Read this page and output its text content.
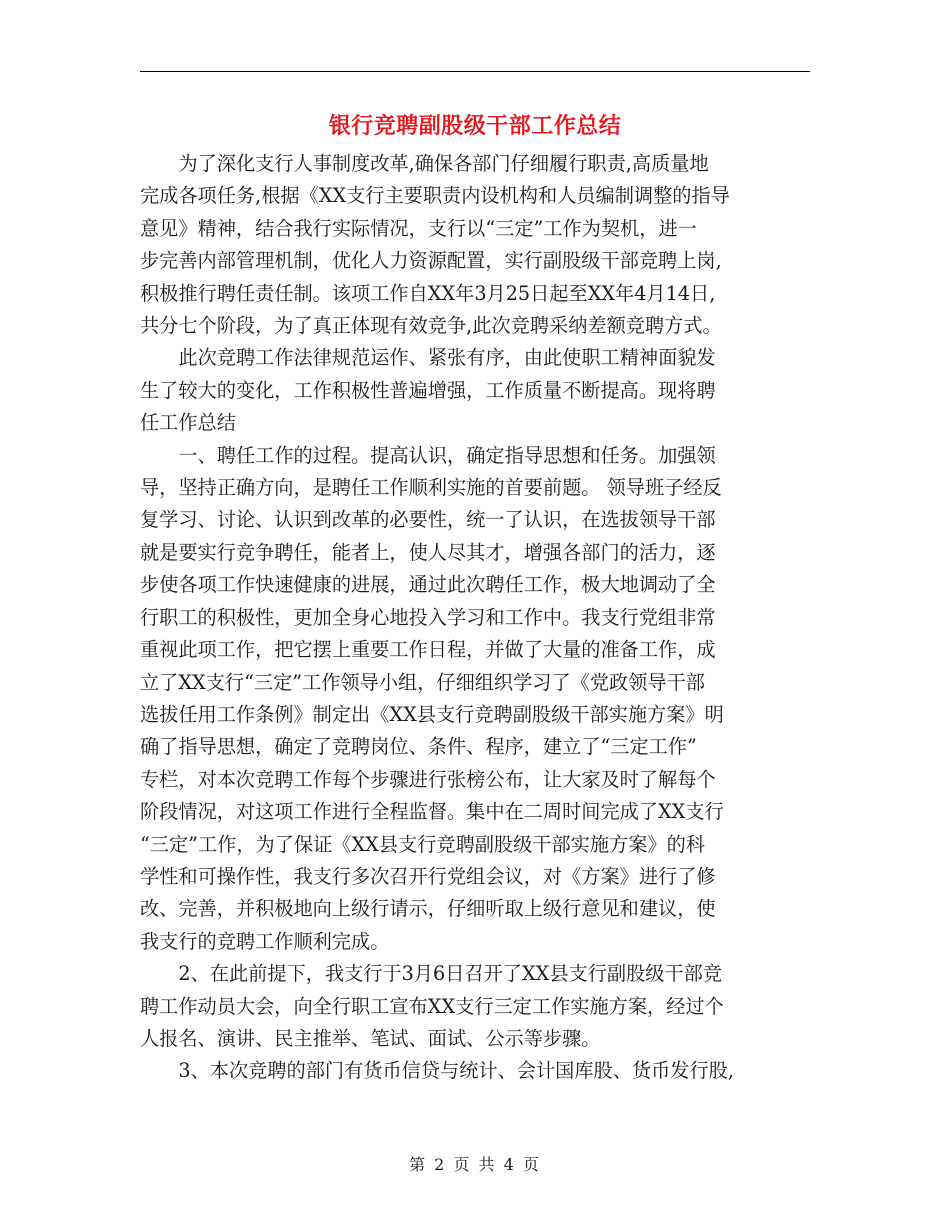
银行竞聘副股级干部工作总结
为了深化支行人事制度改革,确保各部门仔细履行职责,高质量地
完成各项任务,根据《XX支行主要职责内设机构和人员编制调整的指导
意见》精神，结合我行实际情况，支行以“三定”工作为契机，进一
步完善内部管理机制，优化人力资源配置，实行副股级干部竞聘上岗,
积极推行聘任责任制。该项工作自XX年3月25日起至XX年4月14日,
共分七个阶段，为了真正体现有效竞争,此次竞聘采纳差额竞聘方式。
此次竞聘工作法律规范运作、紧张有序，由此使职工精神面貌发
生了较大的变化，工作积极性普遍增强，工作质量不断提高。现将聘
任工作总结
一、聘任工作的过程。提高认识，确定指导思想和任务。加强领
导，坚持正确方向，是聘任工作顺利实施的首要前题。 领导班子经反
复学习、讨论、认识到改革的必要性，统一了认识，在选拔领导干部
就是要实行竞争聘任，能者上，使人尽其才，增强各部门的活力，逐
步使各项工作快速健康的进展，通过此次聘任工作，极大地调动了全
行职工的积极性，更加全身心地投入学习和工作中。我支行党组非常
重视此项工作，把它摆上重要工作日程，并做了大量的准备工作，成
立了XX支行“三定”工作领导小组，仔细组织学习了《党政领导干部
选拔任用工作条例》制定出《XX县支行竞聘副股级干部实施方案》明
确了指导思想，确定了竞聘岗位、条件、程序，建立了“三定工作”
专栏，对本次竞聘工作每个步骤进行张榜公布，让大家及时了解每个
阶段情况，对这项工作进行全程监督。集中在二周时间完成了XX支行
“三定”工作，为了保证《XX县支行竞聘副股级干部实施方案》的科
学性和可操作性，我支行多次召开行党组会议，对《方案》进行了修
改、完善，并积极地向上级行请示，仔细听取上级行意见和建议，使
我支行的竞聘工作顺利完成。
2、在此前提下，我支行于3月6日召开了XX县支行副股级干部竞
聘工作动员大会，向全行职工宣布XX支行三定工作实施方案，经过个
人报名、演讲、民主推举、笔试、面试、公示等步骤。
3、本次竞聘的部门有货币信贷与统计、会计国库股、货币发行股,
第 2 页 共 4 页
